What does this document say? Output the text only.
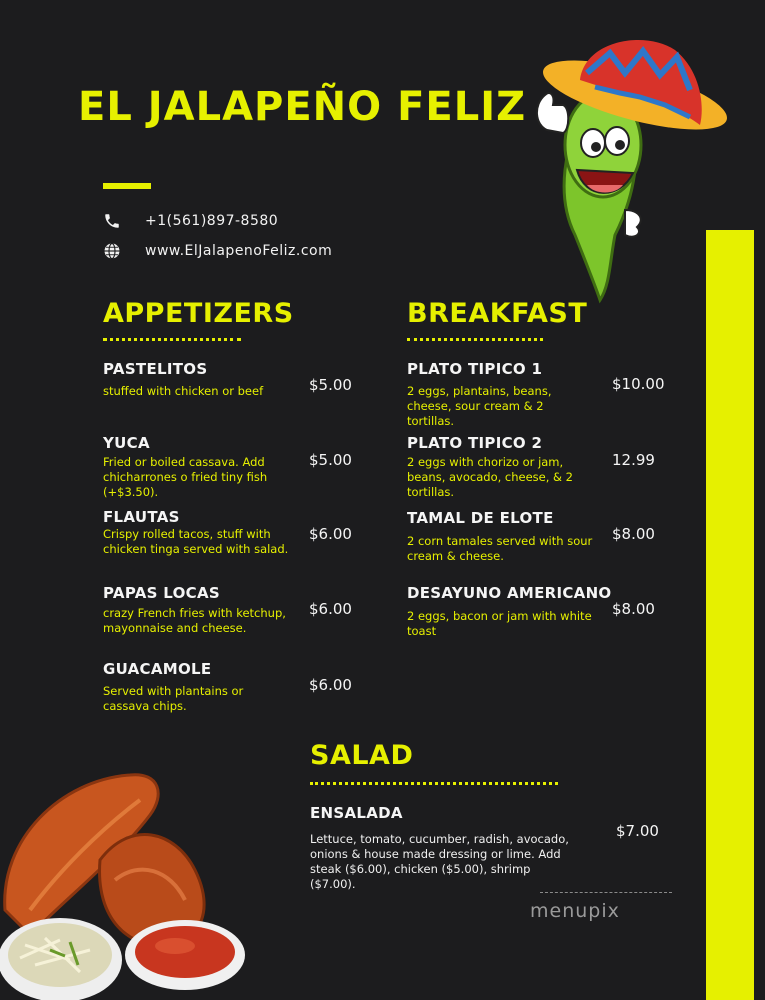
EL JALAPEÑO FELIZ
+1(561)897-8580
www.ElJalapenoFeliz.com
APPETIZERS
PASTELITOS
stuffed with chicken or beef	$5.00
YUCA
Fried or boiled cassava. Add chicharrones o fried tiny fish (+$3.50).
$5.00
FLAUTAS
Crispy rolled tacos, stuff with chicken tinga served with salad.
$6.00
PAPAS LOCAS
crazy French fries with ketchup, mayonnaise and cheese.
$6.00
GUACAMOLE
Served with plantains or cassava chips.
$6.00
BREAKFAST
PLATO TIPICO 1
2 eggs, plantains, beans, cheese, sour cream & 2 tortillas.
$10.00
PLATO TIPICO 2
2 eggs with chorizo or jam, beans, avocado, cheese, & 2 tortillas.
12.99
TAMAL DE ELOTE
2 corn tamales served with sour cream & cheese.
$8.00
DESAYUNO AMERICANO
2 eggs, bacon or jam with white toast
$8.00
SALAD
ENSALADA
Lettuce, tomato, cucumber, radish, avocado, onions & house made dressing or lime. Add steak ($6.00), chicken ($5.00), shrimp ($7.00).
$7.00
menupix
